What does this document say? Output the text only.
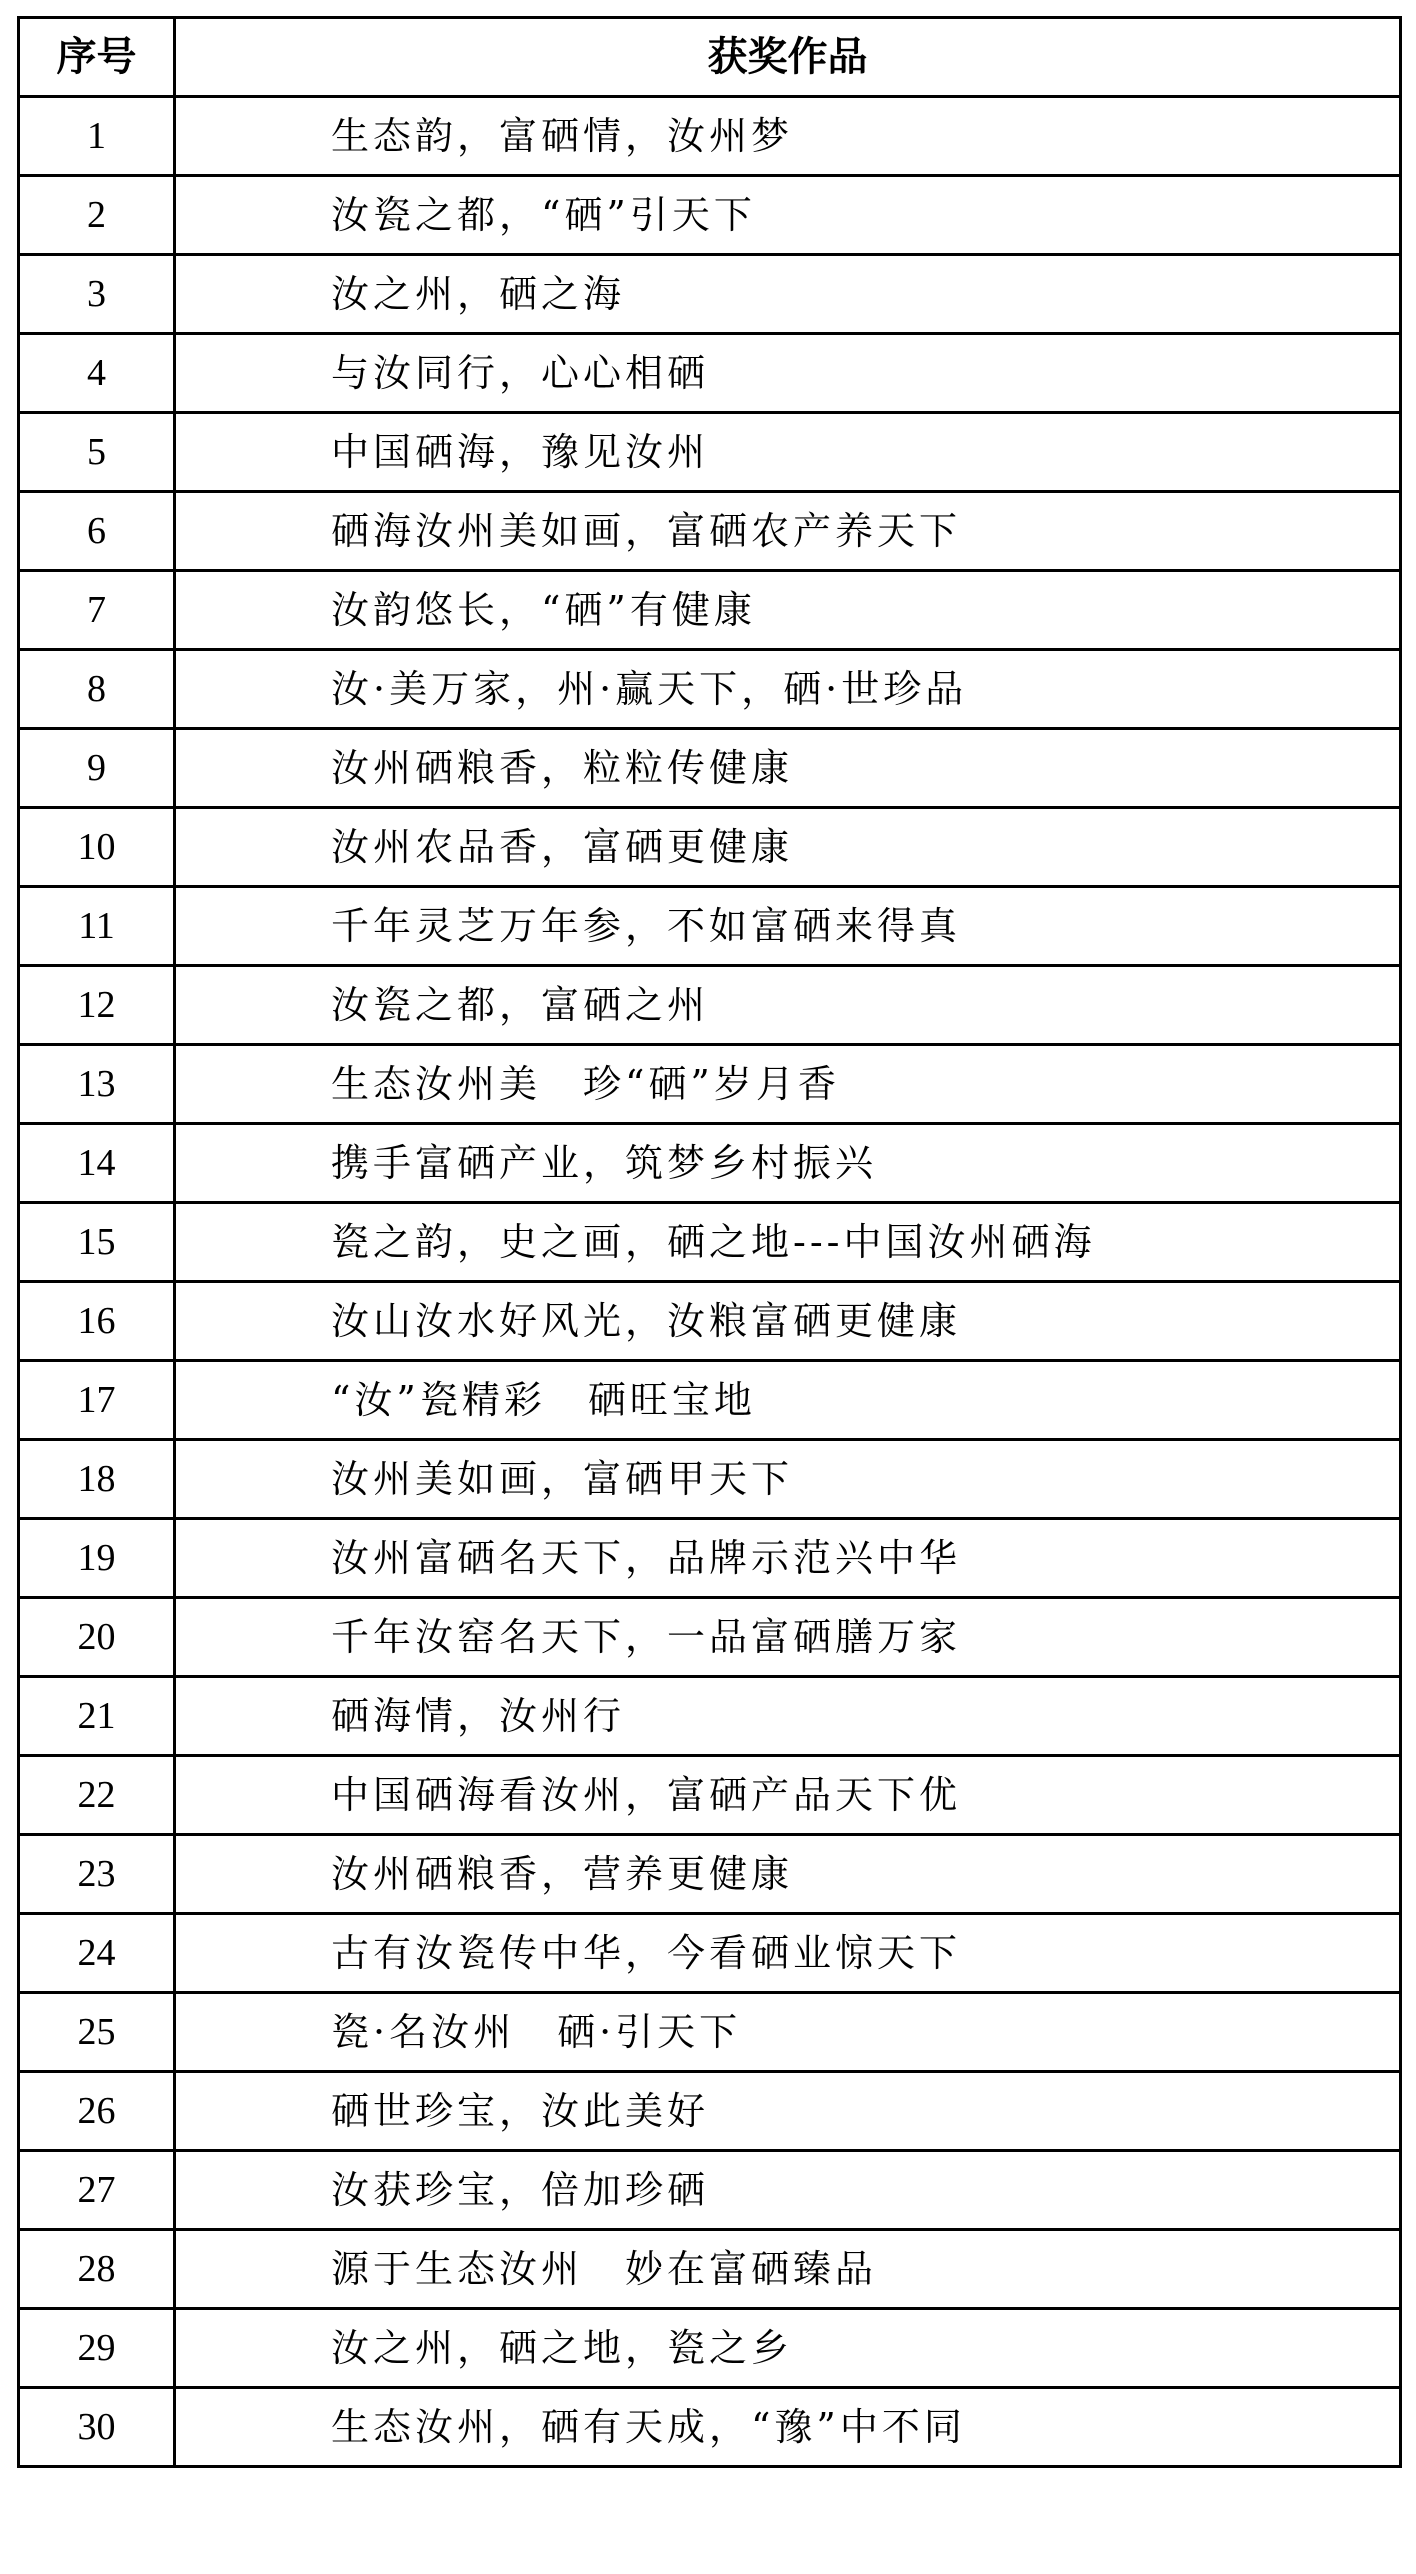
序号	获奖作品
1	生态韵，富硒情，汝州梦
2	汝瓷之都，“硒”引天下
3	汝之州，硒之海
4	与汝同行，心心相硒
5	中国硒海，豫见汝州
6	硒海汝州美如画，富硒农产养天下
7	汝韵悠长，“硒”有健康
8	汝·美万家，州·赢天下，硒·世珍品
9	汝州硒粮香，粒粒传健康
10	汝州农品香，富硒更健康
11	千年灵芝万年参，不如富硒来得真
12	汝瓷之都，富硒之州
13	生态汝州美　珍“硒”岁月香
14	携手富硒产业，筑梦乡村振兴
15	瓷之韵，史之画，硒之地---中国汝州硒海
16	汝山汝水好风光，汝粮富硒更健康
17	“汝”瓷精彩　硒旺宝地
18	汝州美如画，富硒甲天下
19	汝州富硒名天下，品牌示范兴中华
20	千年汝窑名天下，一品富硒膳万家
21	硒海情，汝州行
22	中国硒海看汝州，富硒产品天下优
23	汝州硒粮香，营养更健康
24	古有汝瓷传中华，今看硒业惊天下
25	瓷·名汝州　硒·引天下
26	硒世珍宝，汝此美好
27	汝获珍宝，倍加珍硒
28	源于生态汝州　妙在富硒臻品
29	汝之州，硒之地，瓷之乡
30	生态汝州，硒有天成，“豫”中不同
